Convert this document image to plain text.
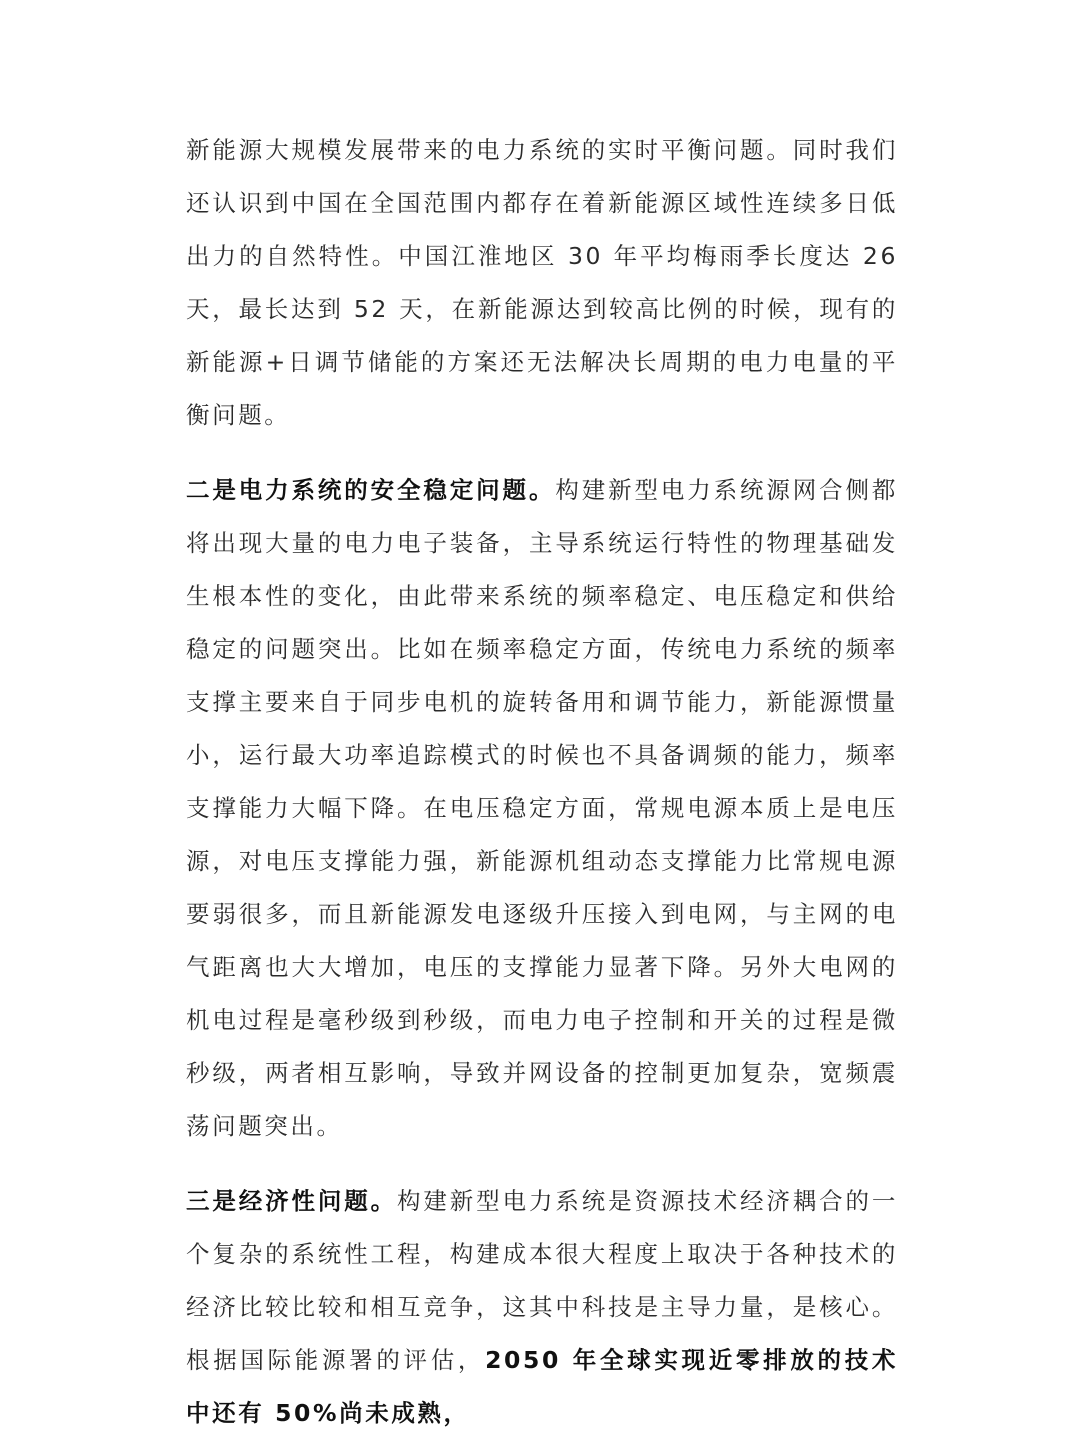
新能源大规模发展带来的电力系统的实时平衡问题。同时我们还认识到中国在全国范围内都存在着新能源区域性连续多日低出力的自然特性。中国江淮地区 30 年平均梅雨季长度达 26 天，最长达到 52 天，在新能源达到较高比例的时候，现有的新能源+日调节储能的方案还无法解决长周期的电力电量的平衡问题。

二是电力系统的安全稳定问题。构建新型电力系统源网合侧都将出现大量的电力电子装备，主导系统运行特性的物理基础发生根本性的变化，由此带来系统的频率稳定、电压稳定和供给稳定的问题突出。比如在频率稳定方面，传统电力系统的频率支撑主要来自于同步电机的旋转备用和调节能力，新能源惯量小，运行最大功率追踪模式的时候也不具备调频的能力，频率支撑能力大幅下降。在电压稳定方面，常规电源本质上是电压源，对电压支撑能力强，新能源机组动态支撑能力比常规电源要弱很多，而且新能源发电逐级升压接入到电网，与主网的电气距离也大大增加，电压的支撑能力显著下降。另外大电网的机电过程是毫秒级到秒级，而电力电子控制和开关的过程是微秒级，两者相互影响，导致并网设备的控制更加复杂，宽频震荡问题突出。

三是经济性问题。构建新型电力系统是资源技术经济耦合的一个复杂的系统性工程，构建成本很大程度上取决于各种技术的经济比较比较和相互竞争，这其中科技是主导力量，是核心。根据国际能源署的评估，2050 年全球实现近零排放的技术中还有 50%尚未成熟，
